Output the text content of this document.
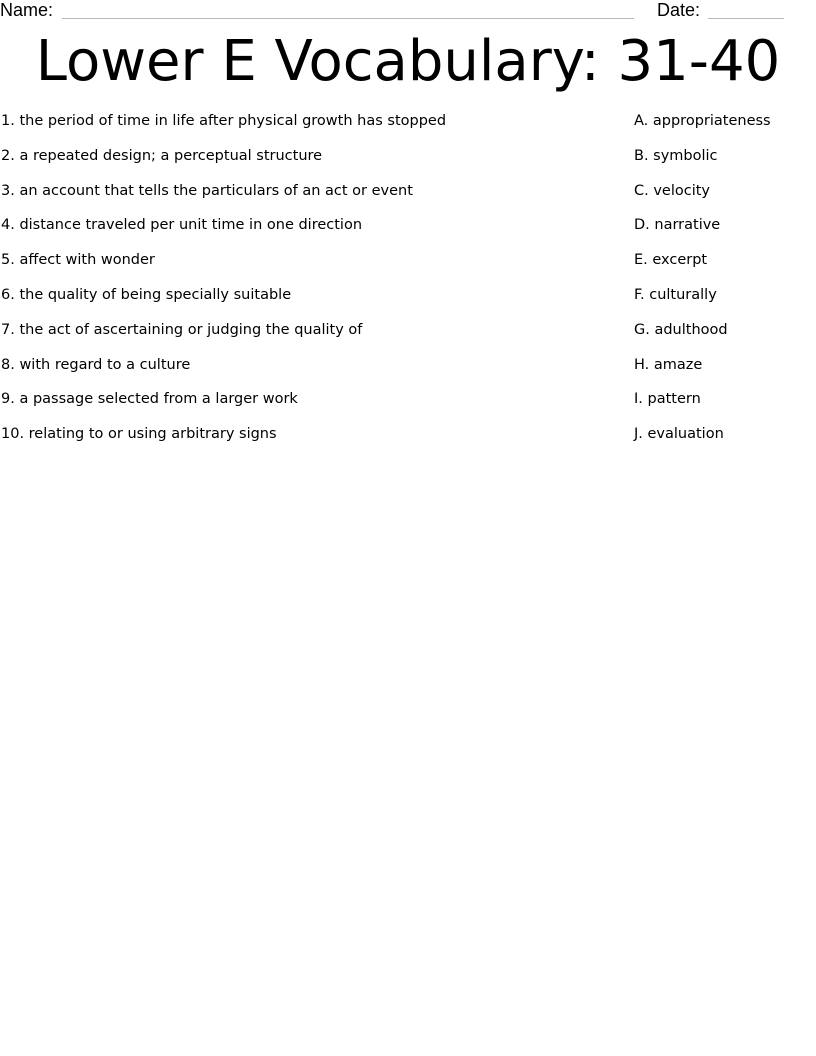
Name:	Date:
Lower E Vocabulary: 31-40
1. the period of time in life after physical growth has stopped
2. a repeated design; a perceptual structure
3. an account that tells the particulars of an act or event
4. distance traveled per unit time in one direction
5. affect with wonder
6. the quality of being specially suitable
7. the act of ascertaining or judging the quality of
8. with regard to a culture
9. a passage selected from a larger work
10. relating to or using arbitrary signs
A. appropriateness
B. symbolic
C. velocity
D. narrative
E. excerpt
F. culturally
G. adulthood
H. amaze
I. pattern
J. evaluation
